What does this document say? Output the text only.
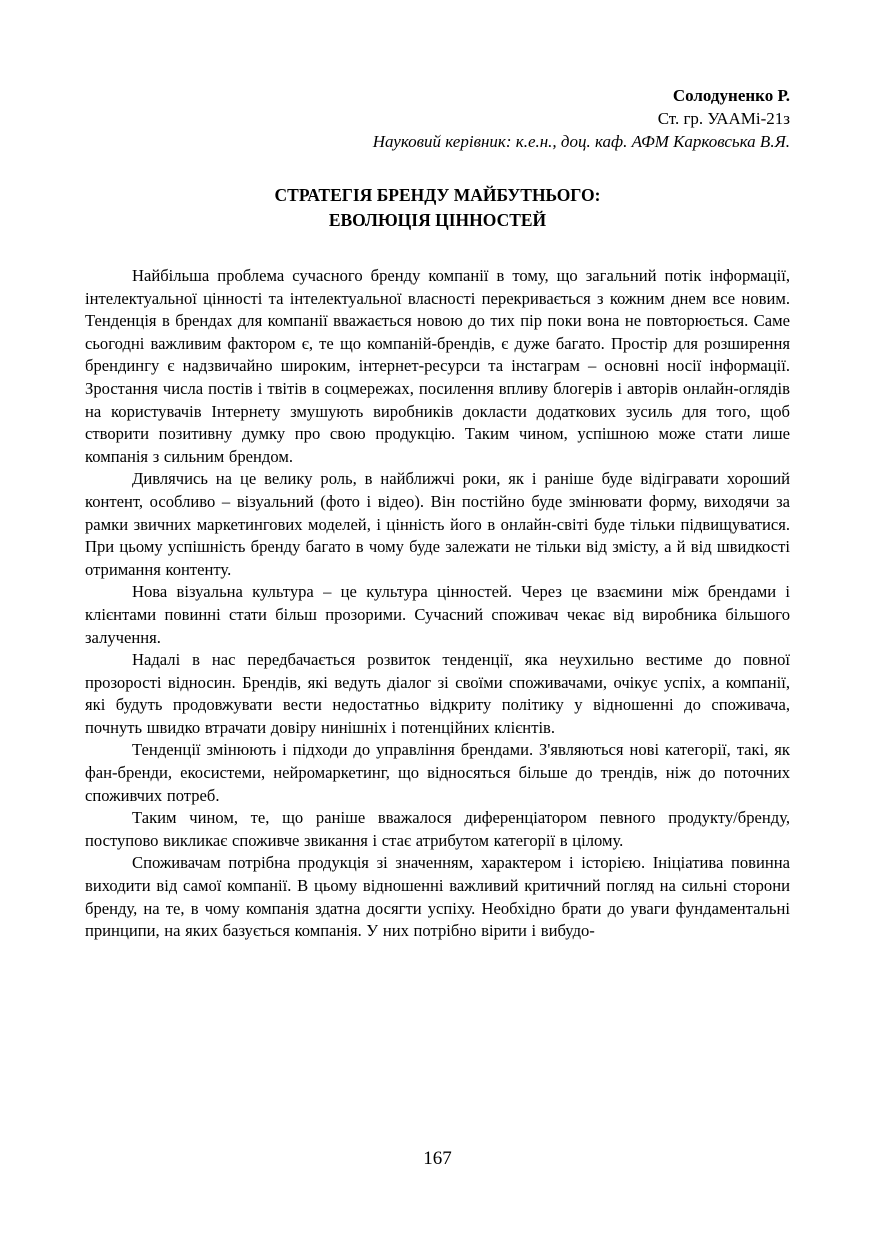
Солодуненко Р.
Ст. гр. УААМі-21з
Науковий керівник: к.е.н., доц. каф. АФМ Карковська В.Я.
СТРАТЕГІЯ БРЕНДУ МАЙБУТНЬОГО:
ЕВОЛЮЦІЯ ЦІННОСТЕЙ

Найбільша проблема сучасного бренду компанії в тому, що загальний потік інформації, інтелектуальної цінності та інтелектуальної власності перекривається з кожним днем все новим. Тенденція в брендах для компанії вважається новою до тих пір поки вона не повторюється. Саме сьогодні важливим фактором є, те що компаній-брендів, є дуже багато. Простір для розширення брендингу є надзвичайно широким, інтернет-ресурси та інстаграм – основні носії інформації. Зростання числа постів і твітів в соцмережах, посилення впливу блогерів і авторів онлайн-оглядів на користувачів Інтернету змушують виробників докласти додаткових зусиль для того, щоб створити позитивну думку про свою продукцію. Таким чином, успішною може стати лише компанія з сильним брендом.

Дивлячись на це велику роль, в найближчі роки, як і раніше буде відігравати хороший контент, особливо – візуальний (фото і відео). Він постійно буде змінювати форму, виходячи за рамки звичних маркетингових моделей, і цінність його в онлайн-світі буде тільки підвищуватися. При цьому успішність бренду багато в чому буде залежати не тільки від змісту, а й від швидкості отримання контенту.

Нова візуальна культура – це культура цінностей. Через це взаємини між брендами і клієнтами повинні стати більш прозорими. Сучасний споживач чекає від виробника більшого залучення.

Надалі в нас передбачається розвиток тенденції, яка неухильно вестиме до повної прозорості відносин. Брендів, які ведуть діалог зі своїми споживачами, очікує успіх, а компанії, які будуть продовжувати вести недостатньо відкриту політику у відношенні до споживача, почнуть швидко втрачати довіру нинішніх і потенційних клієнтів.

Тенденції змінюють і підходи до управління брендами. З'являються нові категорії, такі, як фан-бренди, екосистеми, нейромаркетинг, що відносяться більше до трендів, ніж до поточних споживчих потреб.

Таким чином, те, що раніше вважалося диференціатором певного продукту/бренду, поступово викликає споживче звикання і стає атрибутом категорії в цілому.

Споживачам потрібна продукція зі значенням, характером і історією. Ініціатива повинна виходити від самої компанії. В цьому відношенні важливий критичний погляд на сильні сторони бренду, на те, в чому компанія здатна досягти успіху. Необхідно брати до уваги фундаментальні принципи, на яких базується компанія. У них потрібно вірити і вибудо-

167
